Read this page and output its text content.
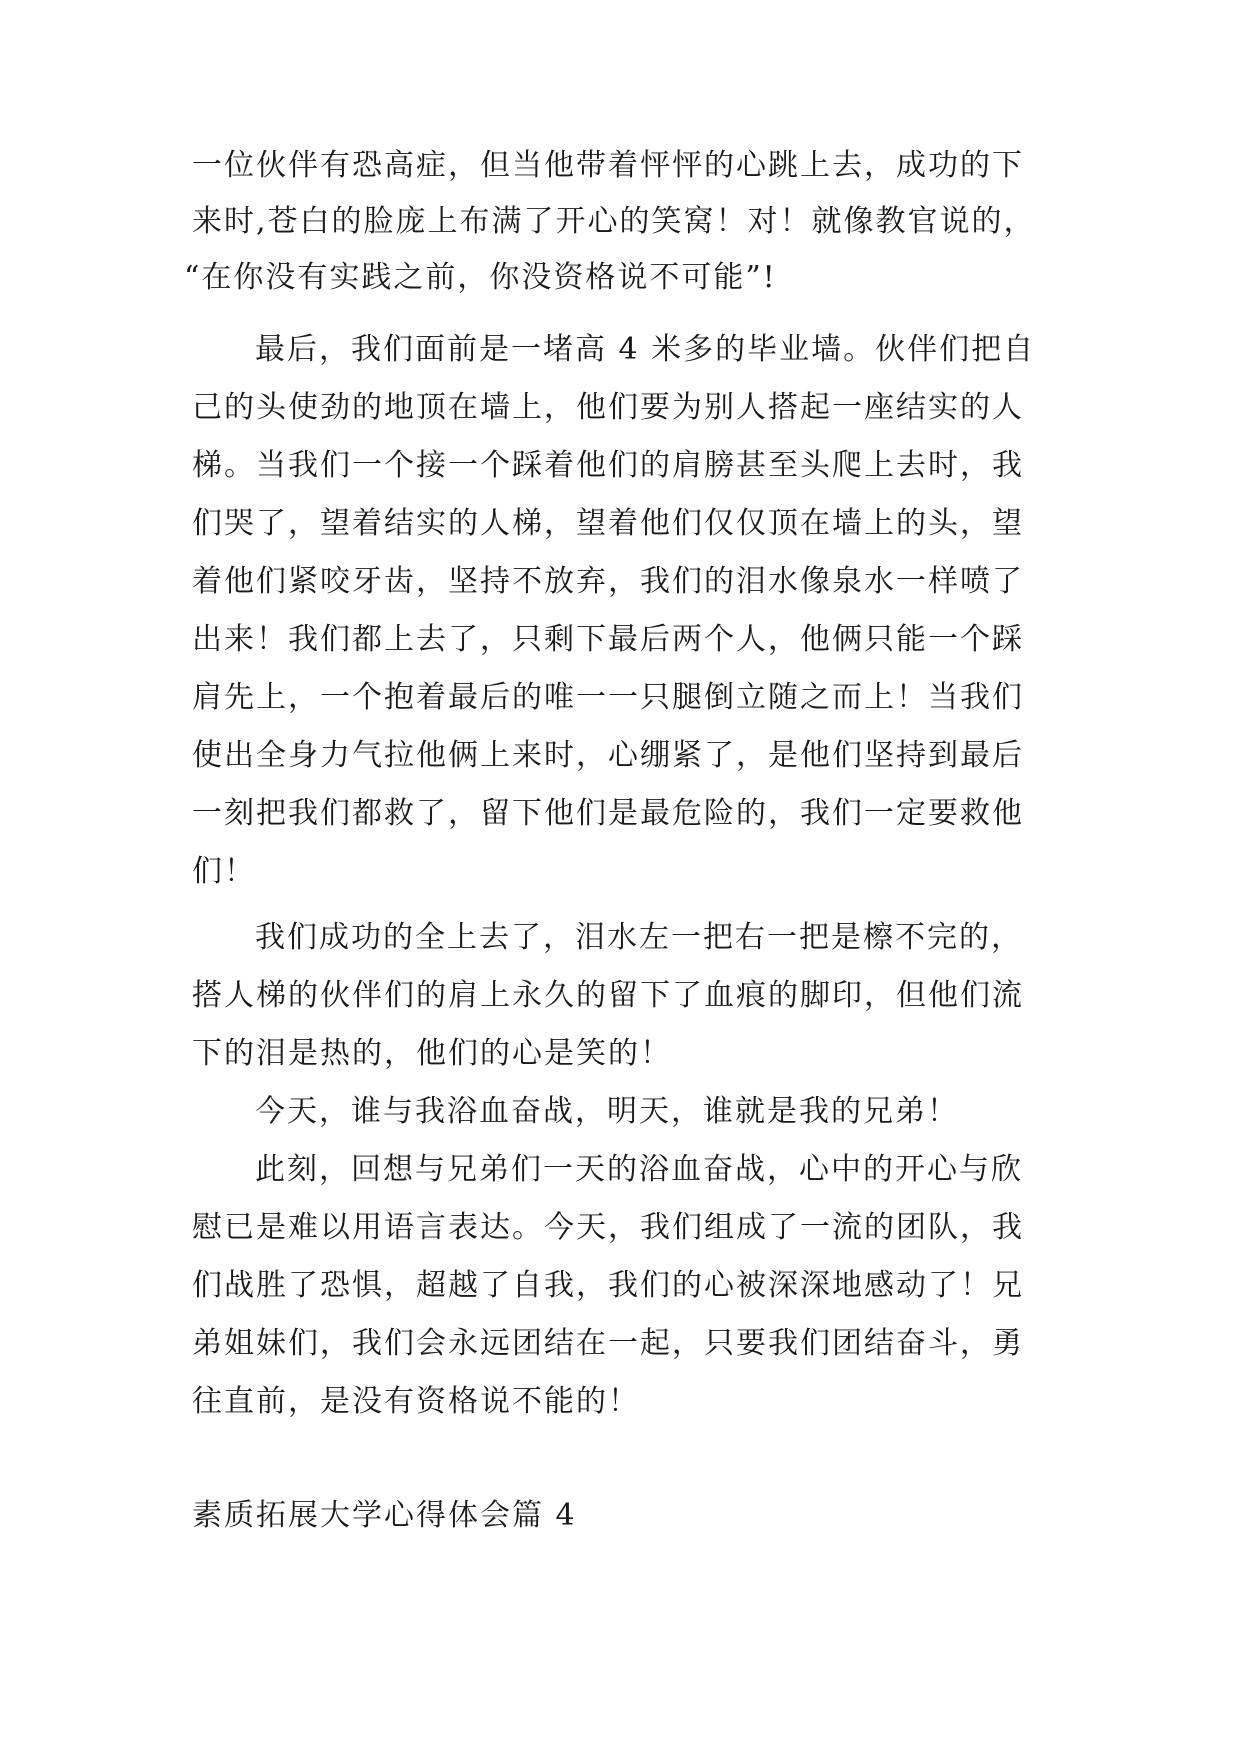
一位伙伴有恐高症，但当他带着怦怦的心跳上去，成功的下

来时,苍白的脸庞上布满了开心的笑窝！对！就像教官说的，

“在你没有实践之前，你没资格说不可能”!

最后，我们面前是一堵高 4 米多的毕业墙。伙伴们把自

己的头使劲的地顶在墙上，他们要为别人搭起一座结实的人

梯。当我们一个接一个踩着他们的肩膀甚至头爬上去时，我

们哭了，望着结实的人梯，望着他们仅仅顶在墙上的头，望

着他们紧咬牙齿，坚持不放弃，我们的泪水像泉水一样喷了

出来！我们都上去了，只剩下最后两个人，他俩只能一个踩

肩先上，一个抱着最后的唯一一只腿倒立随之而上！当我们

使出全身力气拉他俩上来时，心绷紧了，是他们坚持到最后

一刻把我们都救了，留下他们是最危险的，我们一定要救他

们！

我们成功的全上去了，泪水左一把右一把是檫不完的，

搭人梯的伙伴们的肩上永久的留下了血痕的脚印，但他们流

下的泪是热的，他们的心是笑的！

今天，谁与我浴血奋战，明天，谁就是我的兄弟！

此刻，回想与兄弟们一天的浴血奋战，心中的开心与欣

慰已是难以用语言表达。今天，我们组成了一流的团队，我

们战胜了恐惧，超越了自我，我们的心被深深地感动了！兄

弟姐妹们，我们会永远团结在一起，只要我们团结奋斗，勇

往直前，是没有资格说不能的！

素质拓展大学心得体会篇 4
